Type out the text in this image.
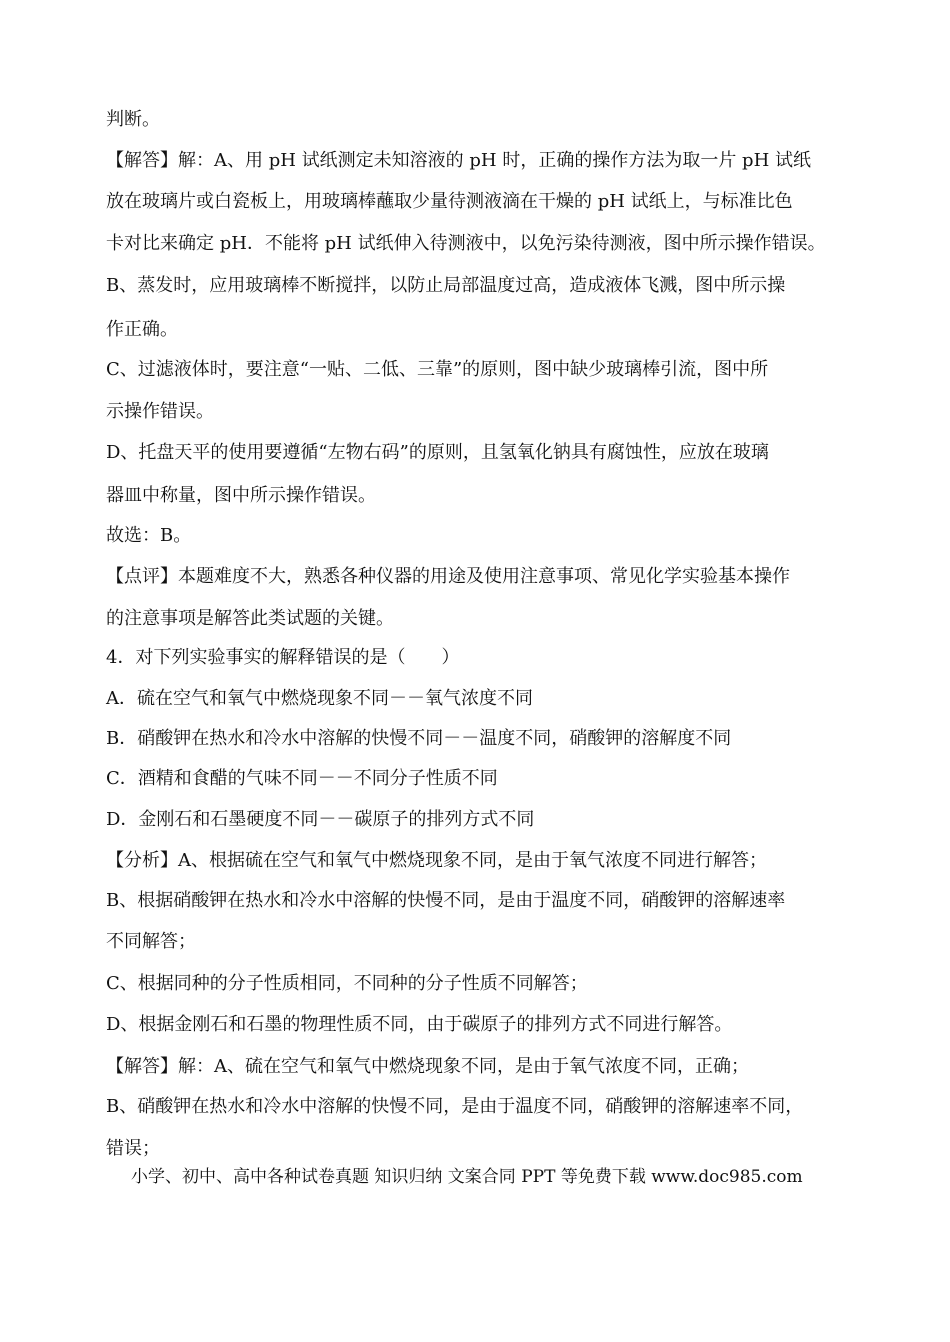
判断。
【解答】解：A、用 pH 试纸测定未知溶液的 pH 时，正确的操作方法为取一片 pH 试纸
放在玻璃片或白瓷板上，用玻璃棒蘸取少量待测液滴在干燥的 pH 试纸上，与标准比色
卡对比来确定 pH．不能将 pH 试纸伸入待测液中，以免污染待测液，图中所示操作错误。
B、蒸发时，应用玻璃棒不断搅拌，以防止局部温度过高，造成液体飞溅，图中所示操
作正确。
C、过滤液体时，要注意“一贴、二低、三靠”的原则，图中缺少玻璃棒引流，图中所
示操作错误。
D、托盘天平的使用要遵循“左物右码”的原则，且氢氧化钠具有腐蚀性，应放在玻璃
器皿中称量，图中所示操作错误。
故选：B。
【点评】本题难度不大，熟悉各种仪器的用途及使用注意事项、常见化学实验基本操作
的注意事项是解答此类试题的关键。
4．对下列实验事实的解释错误的是（　　）
A．硫在空气和氧气中燃烧现象不同－－氧气浓度不同
B．硝酸钾在热水和冷水中溶解的快慢不同－－温度不同，硝酸钾的溶解度不同
C．酒精和食醋的气味不同－－不同分子性质不同
D．金刚石和石墨硬度不同－－碳原子的排列方式不同
【分析】A、根据硫在空气和氧气中燃烧现象不同，是由于氧气浓度不同进行解答；
B、根据硝酸钾在热水和冷水中溶解的快慢不同，是由于温度不同，硝酸钾的溶解速率
不同解答；
C、根据同种的分子性质相同，不同种的分子性质不同解答；
D、根据金刚石和石墨的物理性质不同，由于碳原子的排列方式不同进行解答。
【解答】解：A、硫在空气和氧气中燃烧现象不同，是由于氧气浓度不同，正确；
B、硝酸钾在热水和冷水中溶解的快慢不同，是由于温度不同，硝酸钾的溶解速率不同，
错误；
小学、初中、高中各种试卷真题 知识归纳 文案合同 PPT 等免费下载 www.doc985.com
